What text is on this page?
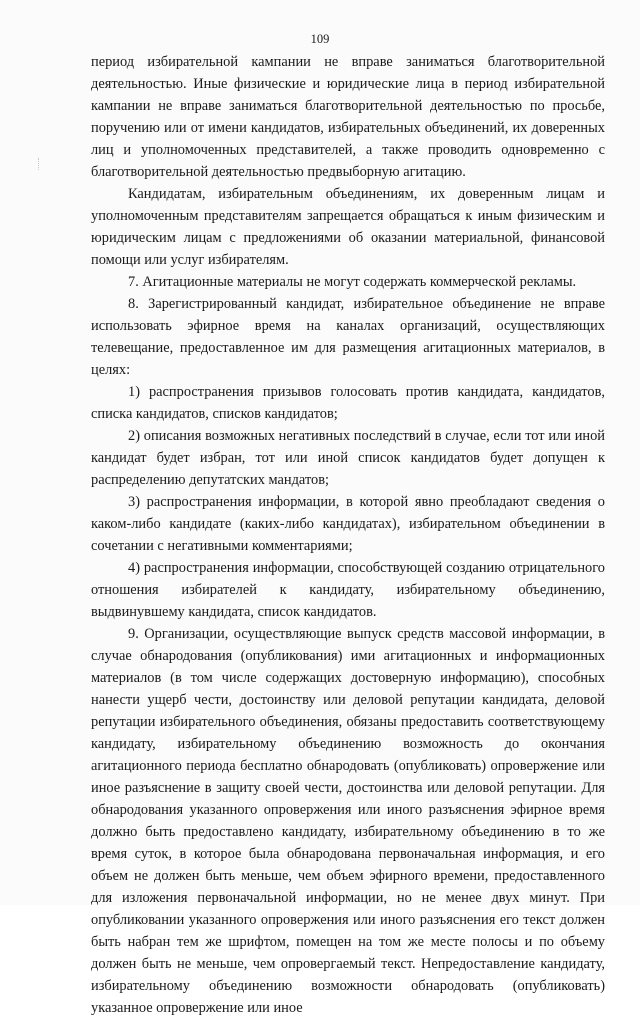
109

период избирательной кампании не вправе заниматься благотворительной деятельностью. Иные физические и юридические лица в период избирательной кампании не вправе заниматься благотворительной деятельностью по просьбе, поручению или от имени кандидатов, избирательных объединений, их доверенных лиц и уполномоченных представителей, а также проводить одновременно с благотворительной деятельностью предвыборную агитацию.

Кандидатам, избирательным объединениям, их доверенным лицам и уполномоченным представителям запрещается обращаться к иным физическим и юридическим лицам с предложениями об оказании материальной, финансовой помощи или услуг избирателям.

7. Агитационные материалы не могут содержать коммерческой рекламы.

8. Зарегистрированный кандидат, избирательное объединение не вправе использовать эфирное время на каналах организаций, осуществляющих телевещание, предоставленное им для размещения агитационных материалов, в целях:

1) распространения призывов голосовать против кандидата, кандидатов, списка кандидатов, списков кандидатов;

2) описания возможных негативных последствий в случае, если тот или иной кандидат будет избран, тот или иной список кандидатов будет допущен к распределению депутатских мандатов;

3) распространения информации, в которой явно преобладают сведения о каком-либо кандидате (каких-либо кандидатах), избирательном объединении в сочетании с негативными комментариями;

4) распространения информации, способствующей созданию отрицательного отношения избирателей к кандидату, избирательному объединению, выдвинувшему кандидата, список кандидатов.

9. Организации, осуществляющие выпуск средств массовой информации, в случае обнародования (опубликования) ими агитационных и информационных материалов (в том числе содержащих достоверную информацию), способных нанести ущерб чести, достоинству или деловой репутации кандидата, деловой репутации избирательного объединения, обязаны предоставить соответствующему кандидату, избирательному объединению возможность до окончания агитационного периода бесплатно обнародовать (опубликовать) опровержение или иное разъяснение в защиту своей чести, достоинства или деловой репутации. Для обнародования указанного опровержения или иного разъяснения эфирное время должно быть предоставлено кандидату, избирательному объединению в то же время суток, в которое была обнародована первоначальная информация, и его объем не должен быть меньше, чем объем эфирного времени, предоставленного для изложения первоначальной информации, но не менее двух минут. При опубликовании указанного опровержения или иного разъяснения его текст должен быть набран тем же шрифтом, помещен на том же месте полосы и по объему должен быть не меньше, чем опровергаемый текст. Непредоставление кандидату, избирательному объединению возможности обнародовать (опубликовать) указанное опровержение или иное
